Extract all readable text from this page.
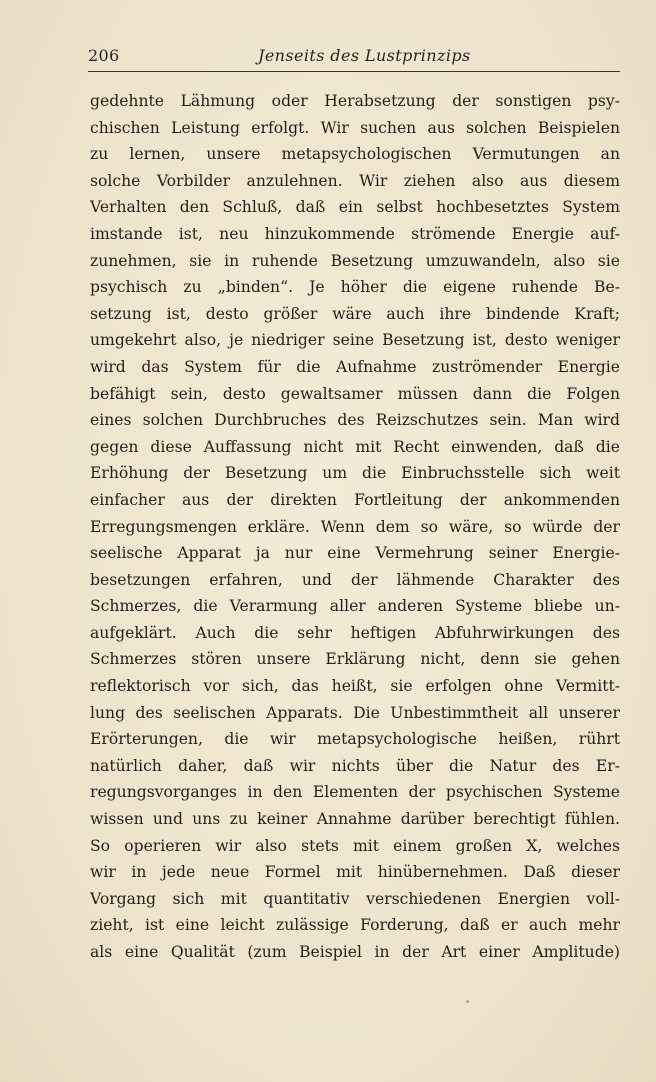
206	Jenseits des Lustprinzips
gedehnte Lähmung oder Herabsetzung der sonstigen psy-
chischen Leistung erfolgt. Wir suchen aus solchen Beispielen
zu lernen, unsere metapsychologischen Vermutungen an
solche Vorbilder anzulehnen. Wir ziehen also aus diesem
Verhalten den Schluß, daß ein selbst hochbesetztes System
imstande ist, neu hinzukommende strömende Energie auf-
zunehmen, sie in ruhende Besetzung umzuwandeln, also sie
psychisch zu „binden“. Je höher die eigene ruhende Be-
setzung ist, desto größer wäre auch ihre bindende Kraft;
umgekehrt also, je niedriger seine Besetzung ist, desto weniger
wird das System für die Aufnahme zuströmender Energie
befähigt sein, desto gewaltsamer müssen dann die Folgen
eines solchen Durchbruches des Reizschutzes sein. Man wird
gegen diese Auffassung nicht mit Recht einwenden, daß die
Erhöhung der Besetzung um die Einbruchsstelle sich weit
einfacher aus der direkten Fortleitung der ankommenden
Erregungsmengen erkläre. Wenn dem so wäre, so würde der
seelische Apparat ja nur eine Vermehrung seiner Energie-
besetzungen erfahren, und der lähmende Charakter des
Schmerzes, die Verarmung aller anderen Systeme bliebe un-
aufgeklärt. Auch die sehr heftigen Abfuhrwirkungen des
Schmerzes stören unsere Erklärung nicht, denn sie gehen
reflektorisch vor sich, das heißt, sie erfolgen ohne Vermitt-
lung des seelischen Apparats. Die Unbestimmtheit all unserer
Erörterungen, die wir metapsychologische heißen, rührt
natürlich daher, daß wir nichts über die Natur des Er-
regungsvorganges in den Elementen der psychischen Systeme
wissen und uns zu keiner Annahme darüber berechtigt fühlen.
So operieren wir also stets mit einem großen X, welches
wir in jede neue Formel mit hinübernehmen. Daß dieser
Vorgang sich mit quantitativ verschiedenen Energien voll-
zieht, ist eine leicht zulässige Forderung, daß er auch mehr
als eine Qualität (zum Beispiel in der Art einer Amplitude)
